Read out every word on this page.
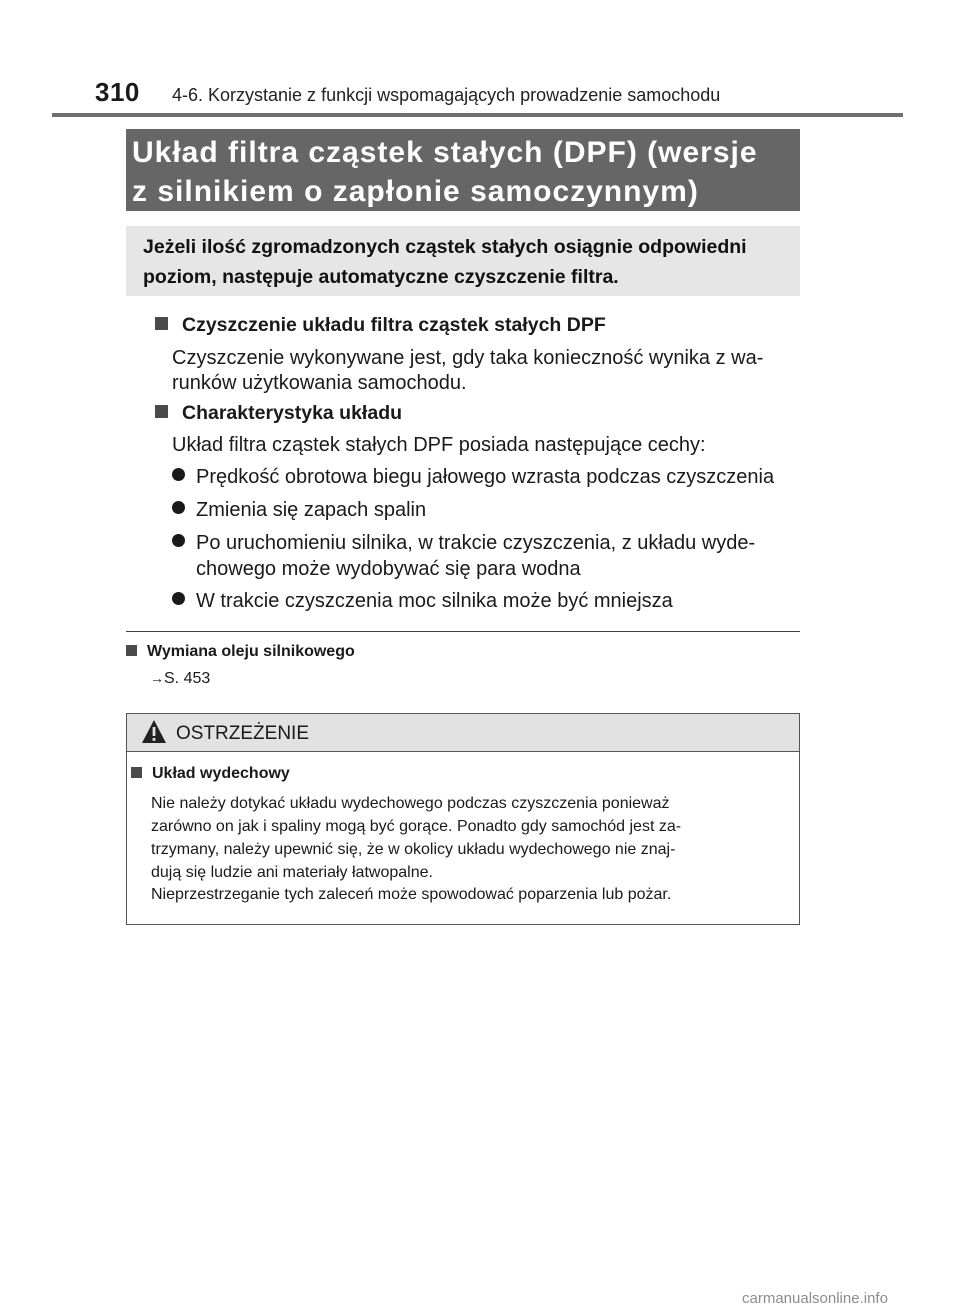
310 4-6. Korzystanie z funkcji wspomagających prowadzenie samochodu
Układ filtra cząstek stałych (DPF) (wersje
z silnikiem o zapłonie samoczynnym)
Jeżeli ilość zgromadzonych cząstek stałych osiągnie odpowiedni
poziom, następuje automatyczne czyszczenie filtra.
Czyszczenie układu filtra cząstek stałych DPF
Czyszczenie wykonywane jest, gdy taka konieczność wynika z wa-
runków użytkowania samochodu.
Charakterystyka układu
Układ filtra cząstek stałych DPF posiada następujące cechy:
Prędkość obrotowa biegu jałowego wzrasta podczas czyszczenia
Zmienia się zapach spalin
Po uruchomieniu silnika, w trakcie czyszczenia, z układu wyde-
chowego może wydobywać się para wodna
W trakcie czyszczenia moc silnika może być mniejsza
Wymiana oleju silnikowego
→S. 453
OSTRZEŻENIE
Układ wydechowy
Nie należy dotykać układu wydechowego podczas czyszczenia ponieważ
zarówno on jak i spaliny mogą być gorące. Ponadto gdy samochód jest za-
trzymany, należy upewnić się, że w okolicy układu wydechowego nie znaj-
dują się ludzie ani materiały łatwopalne.
Nieprzestrzeganie tych zaleceń może spowodować poparzenia lub pożar.
carmanualsonline.info
